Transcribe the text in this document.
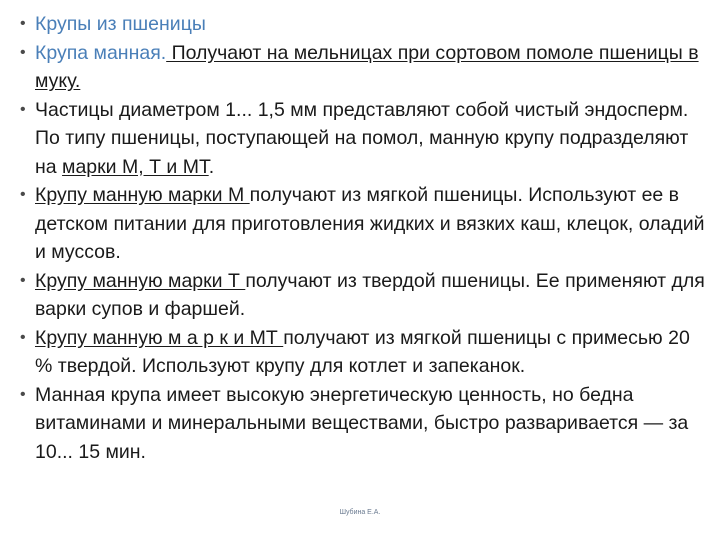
• Крупы из пшеницы
• Крупа манная. Получают на мельницах при сортовом помоле пшеницы в муку.
• Частицы диаметром 1... 1,5 мм представляют собой чистый эндосперм. По типу пшеницы, поступающей на помол, манную крупу подразделяют на марки М, Т и МТ.
• Крупу манную марки М получают из мягкой пшеницы. Используют ее в детском питании для приготовления жидких и вязких каш, клецок, оладий и муссов.
• Крупу манную марки Т получают из твердой пшеницы. Ее применяют для варки супов и фаршей.
• Крупу манную м а р к и МТ получают из мягкой пшеницы с примесью 20 % твердой. Используют крупу для котлет и запеканок.
• Манная крупа имеет высокую энергетическую ценность, но бедна витаминами и минеральными веществами, быстро разваривается — за 10... 15 мин.
Шубина Е.А.
